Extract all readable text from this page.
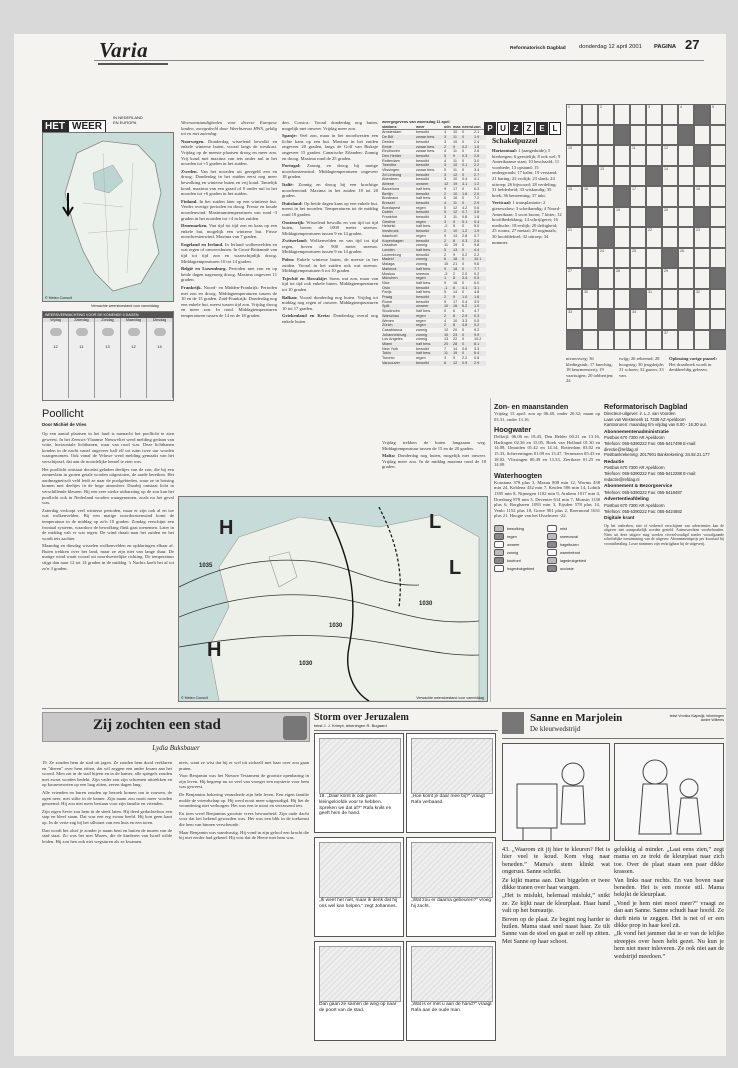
Varia	Reformatorisch Dagblad donderdag 12 april 2001 PAGINA 27
HET WEER IN NEDERLAND
EN EUROPA
© Meteo Consult
Verwachte weerstoestand voor vanmiddag
WEERSVERWACHTING VOOR DE KOMENDE 5 DAGEN
Vrijdag
12
Zaterdag
11
Zondag
13
Maandag
12
Dinsdag
14

Weersomstandigheden voor diverse Europese landen, meegedeeld door Weerbureau HWS, geldig tot en met zaterdag:

Noorwegen. Donderdag wisselend bewolkt en enkele winterse buien, vooral langs de westkust. Vrijdag op de meeste plaatsen droog en meer zon. Vrij koud met maxima van iets onder nul in het noorden tot +5 graden in het zuiden.

Zweden. Van het noorden uit geregeld een en droog. Donderdag in het zuiden eerst nog meer bewolking en winterse buien en vrij koud. Tamelijk koud, maxima van een graad of 0 onder nul in het noorden tot +6 graden in het zuiden.

Finland. In het zuiden later op een wintterse bui. Verder overige perioden en droog. Fresse en koude noordenwind. Maximumtemperaturen van rond -3 graden in het noorden tot +4 in het zuiden.

Denemarken. Van tijd tot tijd zon en kans op een enkele bui, mogelijk een winterse bui. Frisse noordwestenwind. Maxima van 7 graden.

Engeland en Ierland. In Ierland wolkenvelden en wat regen of onweersbuien. In Groot-Brittannië van tijd tot tijd zon en waarschijnlijk droog. Middagtemperaturen 10 tot 14 graden.

België en Luxemburg. Perioden met zon en op beide dagen nagenoeg droog. Maxima ongeveer 11 graden.

Frankrijk. Noord- en Midden-Frankrijk: Perioden met zon en droog. Middagtemperaturen tussen de 10 en de 15 graden. Zuid-Frankrijk: Donderdag nog een enkele bui, meest tussen tijd zon. Vrijdag droog en meer zon. In rond. Middagtemperaturen temperaturen tussen de 14 en de 18 graden.

den. Corsica: Vooral donderdag nog buien, mogelijk met onweer. Vrijdag meer zon.

Spanje: Veel zon, maar in het noordwesten een lichte kans op een bui. Maxima in het zuiden ongeveer 20 graden, langs de Golf van Biskaje ongeveer 15 graden. Canarische Eilanden: Zonnig en droog. Maxima rond de 25 graden.

Portugal: Zonnig en droog bij matige noordoostenwind. Middagtemperaturen ongeveer 18 graden.

Italië: Zonnig en droog bij een krachtige noordenwind. Maxima in het zuiden 18 tot 20 graden.

Duitsland: Op beide dagen kans op een enkele bui, meest in het noorden. Temperaturen tot de middag rond 10 graden.

Oostenrijk: Wisselend bewolkt en van tijd tot tijd buien, boven de 1000 meter sneeuw. Middagtemperaturen tussen 9 en 14 graden.

Zwitserland: Wolkenvelden en van tijd tot tijd regen, boven de 900 meter sneeuw. Middagtemperaturen tussen 9 en 14 graden.

Polen: Enkele winterse buien, de meeste in het zuiden. Vooral in het zuiden ook wat sneeuw. Middagtemperaturen 6 tot 10 graden.

Tsjechië en Slowakije: Soms wat zon, maar van tijd tot tijd ook enkele buien. Middagtemperaturen tot 10 graden.

Balkan: Vooral donderdag nog buien. Vrijdag tot middag nog regen of onweer. Middagtemperaturen 10 tot 17 graden.

Griekenland en Kreta: Donderdag overal nog enkele buien.

weergegevens van woensdag 11 april
stations	weer	min max neersl. zon
Amsterdam	bewolkt	4	10	0	2.1
De Bilt	zwaar bew.	3	11	0	1.9
Deelen	bewolkt	3	10	0	2.4
Eelde	zwaar bew.	2	9	0.2	1.5
Eindhoven	zwaar bew.	4	11	0	2.6
Den Helder	bewolkt	5	9	0.3	2.8
Rotterdam	bewolkt	4	11	0	3.0
Twenthe	bewolkt	3	10	0.1	2.2
Vlissingen	zwaar bew.	5	11	0	3.4
Zd Limburg	bewolkt	3	12	0	2.7
Aberdeen	bewolkt	3	10	0.4	4.1
Athene	onweer	12	19	3.1	1.2
Barcelona	half bew.	9	17	0	6.3
Berlijn	bewolkt	2	10	1.6	2.0
Bordeaux	half bew.	6	16	0	7.2
Brussel	bewolkt	4	11	0	2.9
Boedapest	regen	5	12	4.2	0.6
Dublin	bewolkt	5	12	0.7	3.5
Frankfurt	bewolkt	3	11	0.8	1.8
Genève	regen	3	9	5.1	0.4
Helsinki	half bew.	-2	5	0	5.0
Innsbruck	bewolkt	2	10	1.2	1.9
Istanboel	regen	9	14	2.8	0.7
Kopenhagen	bewolkt	2	8	0.3	2.6
Lissabon	zonnig	11	19	0	9.8
Londen	half bew.	5	13	0	4.4
Luxemburg	bewolkt	2	9	0.2	2.2
Madrid	zonnig	6	18	0	10.1
Malaga	zonnig	10	21	0	9.6
Mallorca	half bew.	9	18	0	7.7
Moskou	sneeuw	-3	2	2.0	0.2
München	regen	1	8	3.4	0.5
Nice	half bew.	9	16	0	6.0
Oslo	bewolkt	-1	6	0.1	3.1
Parijs	half bew.	5	14	0	4.8
Praag	bewolkt	2	9	1.0	1.6
Rome	bewolkt	9	17	0.4	3.9
Split	onweer	10	16	6.2	1.0
Stockholm	half bew.	0	6	0	4.7
Warschau	regen	2	8	2.9	0.3
Wenen	regen	4	10	3.3	0.5
Zürich	regen	2	8	4.8	0.2
Casablanca	zonnig	12	20	0	9.2
Johannesburg	zonnig	10	23	0	9.9
Los Angeles	zonnig	13	22	0	10.2
Miami	half bew.	20	28	0	8.1
New York	bewolkt	7	14	0.6	3.3
Tokio	half bew.	11	19	0	6.4
Toronto	regen	3	9	2.2	0.8
Vancouver	bewolkt	6	12	0.9	2.9

Vrijdag trekken de buien langzaam weg. Middagtemperatuur tussen de 15 en de 20 graden.

Malta: Donderdag nog buien, mogelijk met onweer. Vrijdag meer zon. In de middag maxima rond de 18 graden.

P U Z Z E L
1	2	3	4	5
10	11	12
13	14
15	16	17	18
19	20
21	22	23
24	25	26
27	28	29
30	31	32
33	34
37
Schakelpuzzel
Horizontaal: 1 (aangeduide); 5 bierbergen; 6 geestelijk; 8 ook wel; 9 Amerikaanse staat; 10 beschaafd; 11 voorbede; 13 opstand; 15 ondergronds; 17 kalm; 19 verstand; 21 haring; 22 vrolijk; 23 slank; 24 uitroep; 26 bijwoord; 28 verdeling; 31 helderheid; 33 wiskundig; 35 hoek; 36 benoeming; 37 inkt.
Verticaal: 1 transplantatie; 2 gierzwaluw; 3 scheikundig; 4 Noord-Amerikaan; 5 soort boom; 7 bitter; 12 hoofdbedekking; 14 schrijfgerei; 16 medische; 18 eerlijk; 20 deftigheid; 25 rooms; 27 metaal; 29 nogmaals; 30 hoofddeksel; 32 uitroep; 34 nummer.
nieuwsweg; 36 kledingstuk; 17 knechtig; 18 keurmeesterij; 19 vaartuigen; 20 tobberijen; 24
twijg; 26 reheemd; 28 hoogsteg; 30 jeugdzijde; 31 schoen; 32 gazon; 33 van.
Oplossing vorige puzzel:
Het draaiboek wordt in denkbeeldig gelezen.
Zon- en maanstanden
Vrijdag 13 april: zon op 06.48, onder 20.32; maan op 03.31, onder 13.16.
Hoogwater
Delfzijl: 06.06 en 18.45, Den Helder 00.21 en 13.16, Harlingen 02.36 en 15.05, Hoek van Holland 01.30 en 14.08, IJmuiden 01.42 en 14.14, Rotterdam 03.02 en 15.33, Scheveningen 01.09 en 13.47, Terneuzen 05.43 en 18.02, Vlissingen 00.49 en 13.33, Zierikzee 01.25 en 14.09.
Waterhoogten
Konstanz 378 plus 3, Maxau 808 min 12, Worms 438 min 24, Koblenz 432 min 7, Keulen 506 min 14, Lobith 1395 min 8, Nijmegen 1102 min 9, Arnhem 1017 min 4, Doesburg 878 min 3, Deventer 614 min 7, Monsin 1130 plus 6, Borgharen 1093 min 3, Eijsden 578 plus 14, Venlo 1152 plus 18, Grave 901 plus 2, Roermond 1631 plus 21. Hoogte van het IJsselmeer -22.
bewolking	mist
regen	sneeuwval
onweer	hagelbuien
zonnig	warmtefront
koufront	lagedrukgebied
hogedrukgebied	occlusie
Reformatorisch Dagblad
Directeur-uitgever: ir. L.J. van Voorden
Laan van Westenenk 11 7336 AZ Apeldoorn
Kantooruren: maandag t/m vrijdag van 8.00 - 16.30 uur.
Abonnementenadministratie
Postbus 670 7300 AR Apeldoorn
Telefoon: 055-5390222 Fax: 055-5417499 E-mail: directie@refdag.nl
Postbankrekening: 2017901 Bankrekening: 34.92.21.177
Redactie
Postbus 670 7300 AR Apeldoorn
Telefoon: 055-5390222 Fax: 055-5412288 E-mail: redactie@refdag.nl
Abonnement & Bezorgservice
Telefoon: 055-5390222 Fax: 055-5418487
Advertentieafdeling
Postbus 670 7300 AR Apeldoorn
Telefoon: 055-5390222 Fax: 055-5424882
Digitale krant
Op het ontbreken, niet of verkeerd verschijnen van advertenties kan de uitgever niet aansprakelijk worden gesteld. Auteursrechten voorbehouden. Niets uit deze uitgave mag worden verveelvoudigd zonder voorafgaande schriftelijke toestemming van de uitgever. Abonnementsprijs per kwartaal bij vooruitbetaling. Losse nummers zijn verkrijgbaar bij de uitgeverij.
Poollicht
Door Michiel de Vries

Op een aantal plaatsen in het land is naenacht het poollicht te zien geweest. In het Zeeuws-Vlaamse Nieuwvliet werd melding gedaan van witte, horizontale lichtbanen, waar van rood was. Deze lichtbanen konden in de nacht vanaf ongeveer half elf tot ruim twee uur worden waargenomen. Ook vanaf de Veluwe werd melding gemaakt van het verschijnsel, dat aan de noordelijke hemel te zien was.

Het poollicht ontstaat doordat geladen deeltjes van de zon, die bij een zonnevlam in groten getale worden uitgestoten, de aarde bereiken. Het aardmagnetisch veld leidt ze naar de poolgebieden, waar ze in botsing komen met deeltjes in de hoge atmosfeer. Daarbij ontstaat licht in verschillende kleuren. Bij een zeer sterke uitbarsting op de zon kan het poollicht ook in Nederland worden waargenomen, zoals nu het geval was.

Zaterdag verloopt veel winterse perioden, maar er zijn ook al en toe wat wolkenvelden. Bij een matige noordoostenwind komt de temperatuur in de middag op zo'n 10 graden. Zondag verschijnt een frontaal systeem, waardoor de bewolking flink gaat toenemen. Later in de middag valt er wat regen. De wind draait naar het zuiden en het wordt iets zachter.

Maandag en dinsdag wisselen wolkenvelden en opklaringen elkaar af. Buien trekken over het land, maar ze zijn niet van lange duur. De matige wind waait vooral uit noordwestelijke richting. De temperatuur stijgt dan naar 12 tot 14 graden in de middag. 's Nachts koelt het af tot zo'n 3 graden.

H
1035
1030
L
H
1030
1030
L
© Meteo Consult	Verwachte weerstoestand voor vanmiddag
Zij zochten een stad
Lydia Buksbauer

19. Ze zouden hem de stad uit jagen. Ze zouden hem dood verklaren en "dieren" over hem zitten, dat wil zeggen een ander kwam aan het woord. Men zat in de stad bijeen en in de kamer, alle spiegels zouden met zwart worden bedekt. Zijn vader zou zijn schoenen uittrekken en op kousenvoeten op een laag zitten, zeven dagen lang.

Alle vrienden en buren zouden op bezoek komen om te rouwen, de ogen neer, met stilte in de kamer. Zijn naam zou nooit meer worden genoemd. Hij zou niet meer bestaan voor zijn familie en vrienden.

Zijn eigen Sevie zou hem in de steek laten. Hij deed gedachteloos een stap en bleef staan. Dat was een erg zwaar beeld. Hij kon geen kant op. In de verte zag hij het silhouet van een huis en een toren.

Dan wordt het alsof je zonder je naam bent en buiten de muren van de stad staat. Zo was het met Mozes, die de kinderen van Israël wilde leiden. Hij zou hen ook niet wegsturen als ze kwamen.

niets, want ze wist dat hij er wel uit zichzelf met haar over zou gaan praten.

Voor Benjamin was het Nieuwe Testament de grootste openbaring in zijn leven. Hij begreep nu zo veel van vroeger een mysterie voor hem was geweest.

De Benjamins bekering veranderde zijn hele leven. Een eigen familie molde de vriendschap op. Hij werd nooit meer uitgenodigd. Hij liet de verandering niet verborgen. Het was een te mooi en verrassend iets.

En toen werd Benjamins grootste vrees bewaarheid. Zijn oude dacht voor dat het bekend geworden was. Het was een blik in de toekomst die hem van binnen verscheurde.

Maar Benjamin was standvastig. Hij vond in zijn geloof een kracht die hij niet eerder had gekend. Hij wist dat de Heere met hem was.

Storm over Jeruzalem
tekst J. J. Krimpt, tekeningen R. Bugaard
19. „Daar komt ik ook geen kleingeloofde voor te hebben. Spreken we dat af?” Rafa knikt en geeft hem de hand.
„Hoe komt je daar mee bij?” vraagt Rafa verbaasd.
„Ik weet het niet, maar ik denk dat hij ons wel kan helpen,” zegt Johannes.
„Wat zou er daarna gebeuren?” vroeg hij zacht.
Dan gaan ze samen de weg op naar de poort van de stad.
„Wat is er met u aan de hand?” vraagt Rafa aan de oude man.
Sanne en Marjolein
De kleurwedstrijd
tekst Vronika Klapwijk, tekeningen André Willems
43. „Waarom zit jij hier te kleuren? Het is hier veel te koud. Kom vlug naar beneden.” Mama's stem klinkt wat ongerust. Sanne schrikt.
Ze kijkt mama aan. Dan biggelen er twee dikke tranen over haar wangen.
„Het is mislukt, helemaal mislukt,” snikt ze. Ze kijkt naar de kleurplaat. Haar hand valt op het bureautje.
Boven op de plaat. Ze begint nog harder te huilen. Mama staat snel naast haar. Ze tilt Sanne van de stoel en gaat er zelf op zitten. Met Sanne op haar schoot.
gelukkig al minder. „Laat eens zien,” zegt mama en ze trekt de kleurplaat naar zich toe. Over de plaat staan een paar dikke krassen.
Van links naar rechts. En van boven naar beneden. Het is een mooie stil. Mama bekijkt de kleurplaat.
„Vond je hem niet mooi meer?” vraagt ze dan aan Sanne. Sanne schudt haar hoofd. Ze durft niets te zeggen. Het is net of er een dikke prop in haar keel zit.
„Ik vond het jammer dat ie er van de lelijke streepjes over heen hebt gezet. Nu kun je hem niet meer inleveren. Ze ook niet aan de wedstrijd meedoen.”
